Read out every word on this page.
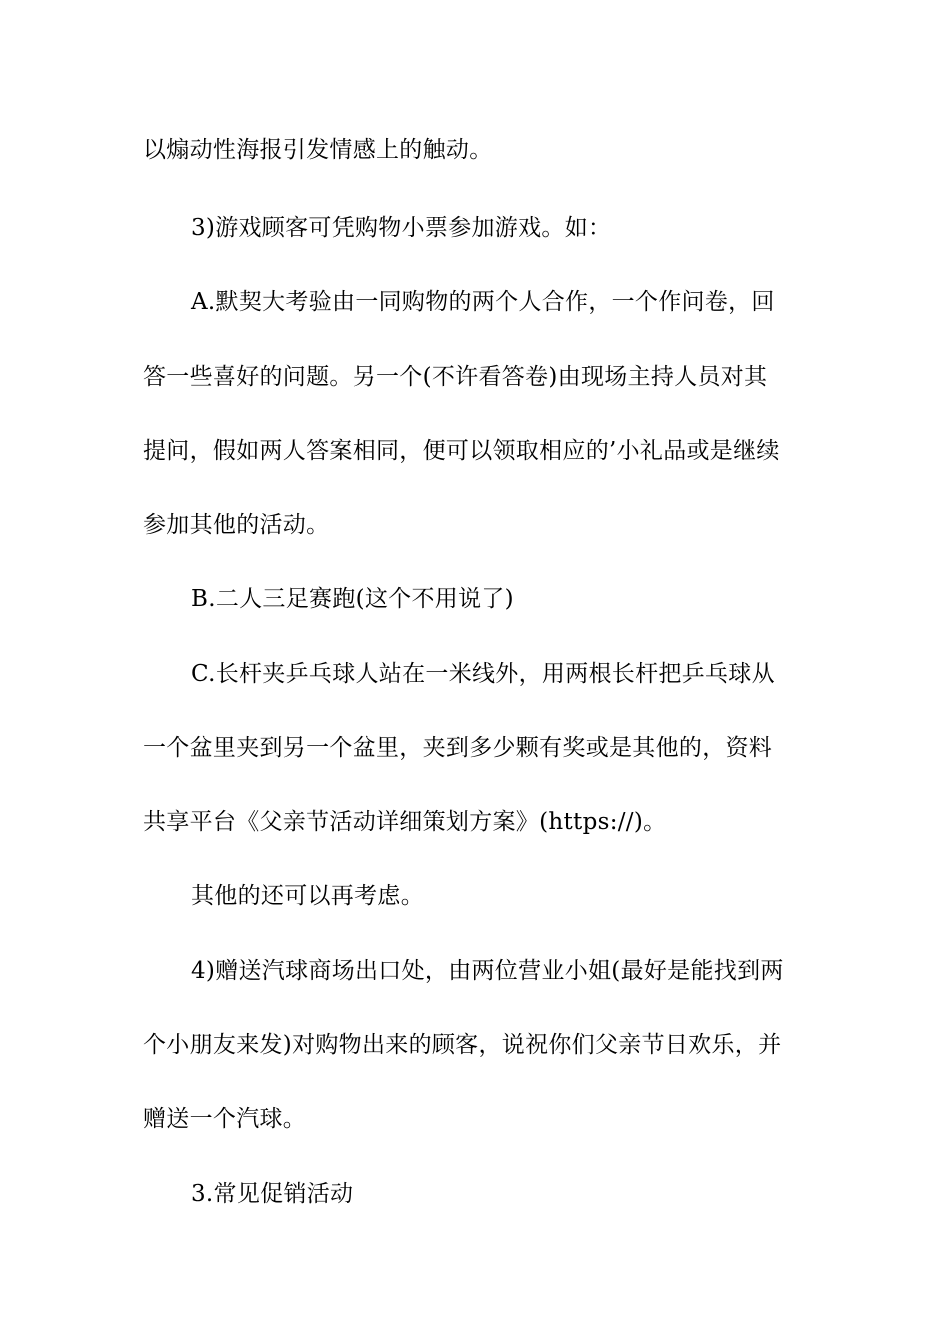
以煽动性海报引发情感上的触动。
3)游戏顾客可凭购物小票参加游戏。如：
A.默契大考验由一同购物的两个人合作，一个作问卷，回
答一些喜好的问题。另一个(不许看答卷)由现场主持人员对其
提问，假如两人答案相同，便可以领取相应的’小礼品或是继续
参加其他的活动。
B.二人三足赛跑(这个不用说了)
C.长杆夹乒乓球人站在一米线外，用两根长杆把乒乓球从
一个盆里夹到另一个盆里，夹到多少颗有奖或是其他的，资料
共享平台《父亲节活动详细策划方案》(https://)。
其他的还可以再考虑。
4)赠送汽球商场出口处，由两位营业小姐(最好是能找到两
个小朋友来发)对购物出来的顾客，说祝你们父亲节日欢乐，并
赠送一个汽球。
3.常见促销活动
